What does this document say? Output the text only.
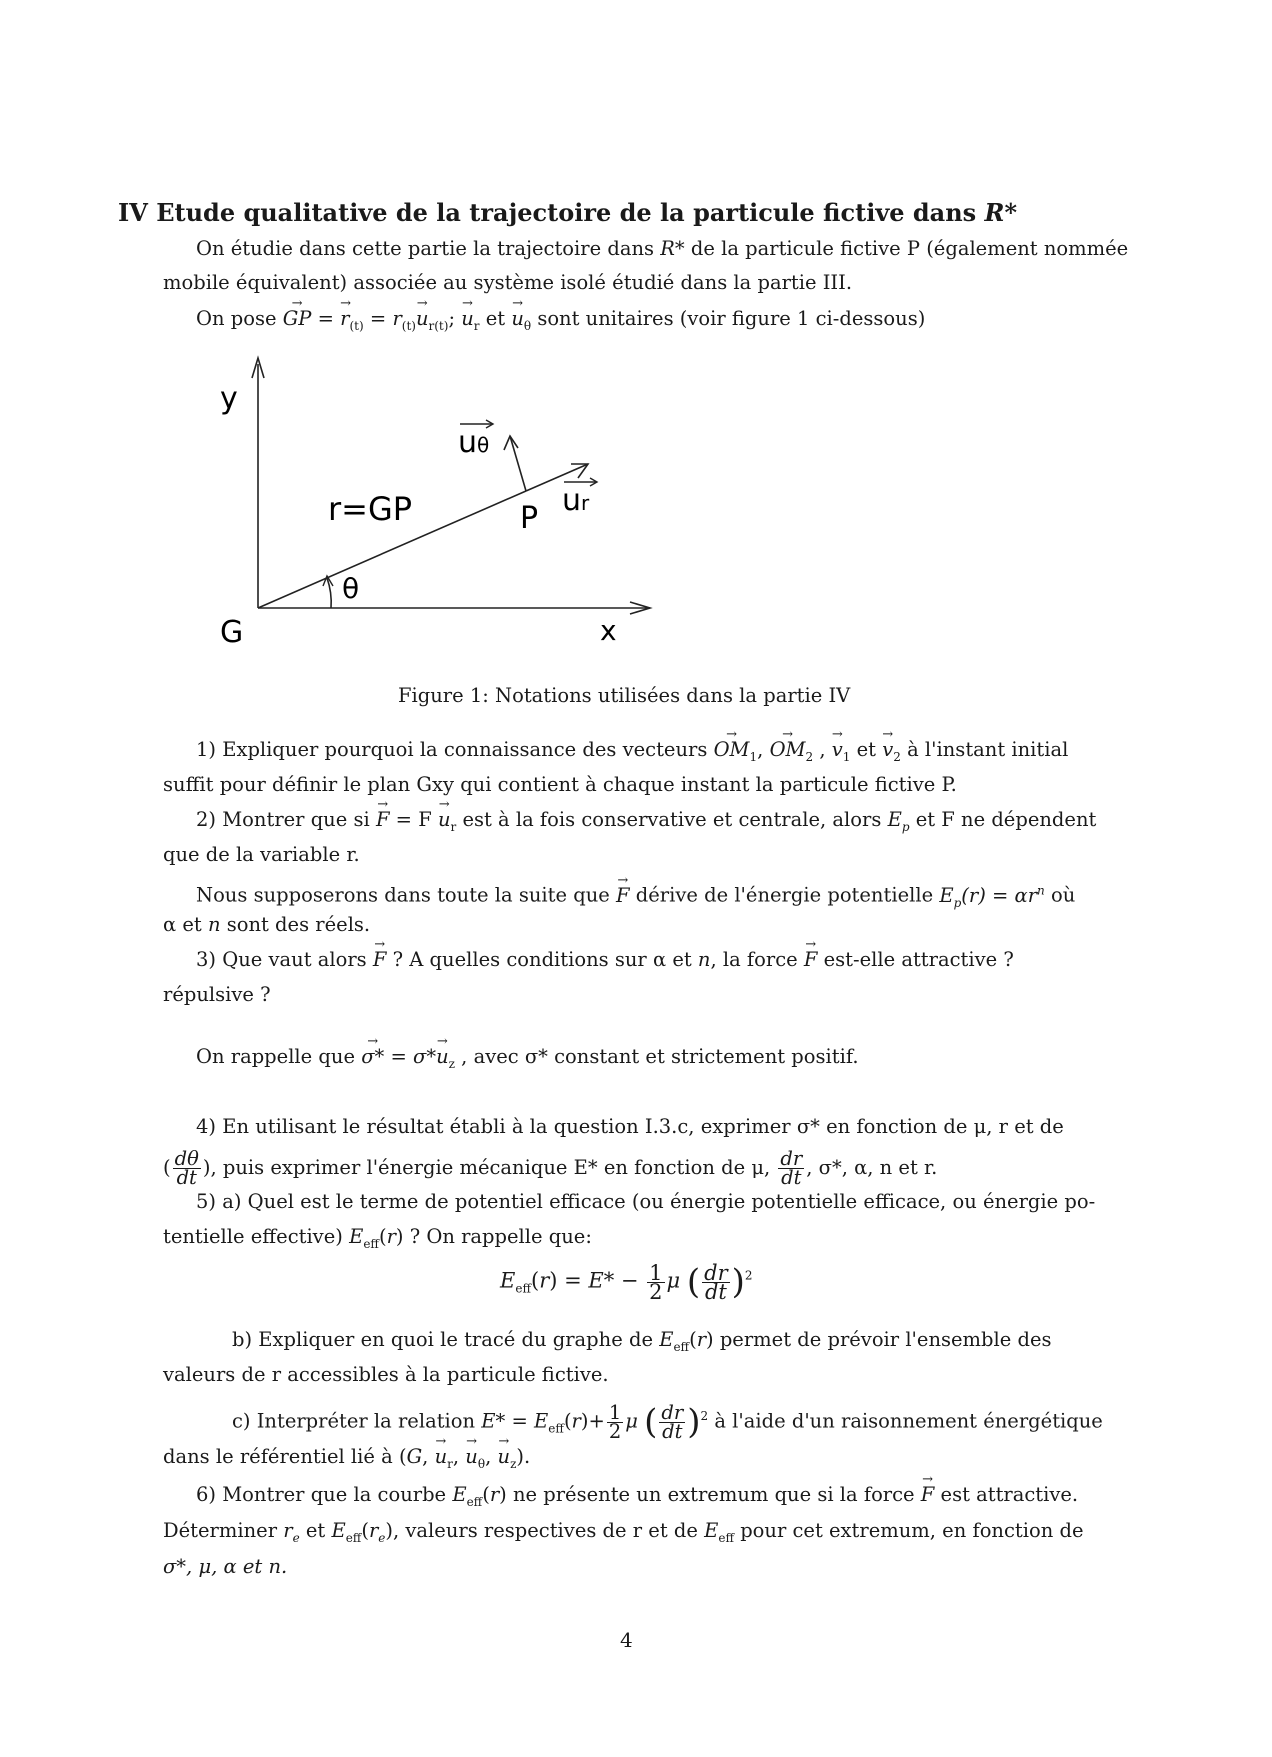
IV Etude qualitative de la trajectoire de la particule fictive dans R*
On étudie dans cette partie la trajectoire dans R* de la particule fictive P (également nommée
mobile équivalent) associée au système isolé étudié dans la partie III.
On pose → GP = → $r_{(t)} = r_{(t)}\to u_{r(t)}$; → $u_r$ et → $u_\theta$ sont unitaires (voir figure 1 ci-dessous)
y
x
G
P
r=GP
θ
ur
uθ
Figure 1: Notations utilisées dans la partie IV
1) Expliquer pourquoi la connaissance des vecteurs → $OM_1$, → $OM_2$ , → $v_1$ et → $v_2$ à l'instant initial
suffit pour définir le plan Gxy qui contient à chaque instant la particule fictive P.
2) Montrer que si → $F = F \to u_r$ est à la fois conservative et centrale, alors $E_p$ et F ne dépendent
que de la variable r.
Nous supposerons dans toute la suite que → F dérive de l'énergie potentielle $E_p(r) = \alpha r^n$ où
α et n sont des réels.
3) Que vaut alors → F ? A quelles conditions sur α et n, la force → F est-elle attractive ?
répulsive ?
On rappelle que → $\sigma* = \sigma*\to u_z$ , avec σ* constant et strictement positif.
4) En utilisant le résultat établi à la question I.3.c, exprimer σ* en fonction de μ, r et de
( $\frac{d\theta}{dt}$ ), puis exprimer l'énergie mécanique E* en fonction de μ, $\frac{dr}{dt}$ , σ*, α, n et r.
5) a) Quel est le terme de potentiel efficace (ou énergie potentielle efficace, ou énergie po-
tentielle effective) $E_{eff}(r)$ ? On rappelle que:
$E_{eff}(r) = E* - \frac{1}{2}$ μ ( $\frac{dr}{dt} )^2$
b) Expliquer en quoi le tracé du graphe de $E_{eff}(r)$ permet de prévoir l'ensemble des
valeurs de r accessibles à la particule fictive.
c) Interpréter la relation $E* = E_{eff}(r)+ \frac{1}{2}$ μ ( $\frac{dr}{dt} )^2$ à l'aide d'un raisonnement énergétique
dans le référentiel lié à (G, → $u_r$, → $u_\theta$, → $u_z$).
6) Montrer que la courbe $E_{eff}(r)$ ne présente un extremum que si la force → F est attractive.
Déterminer $r_e$ et $E_{eff}(r_e)$, valeurs respectives de r et de $E_{eff}$ pour cet extremum, en fonction de
σ*, μ, α et n.
4
